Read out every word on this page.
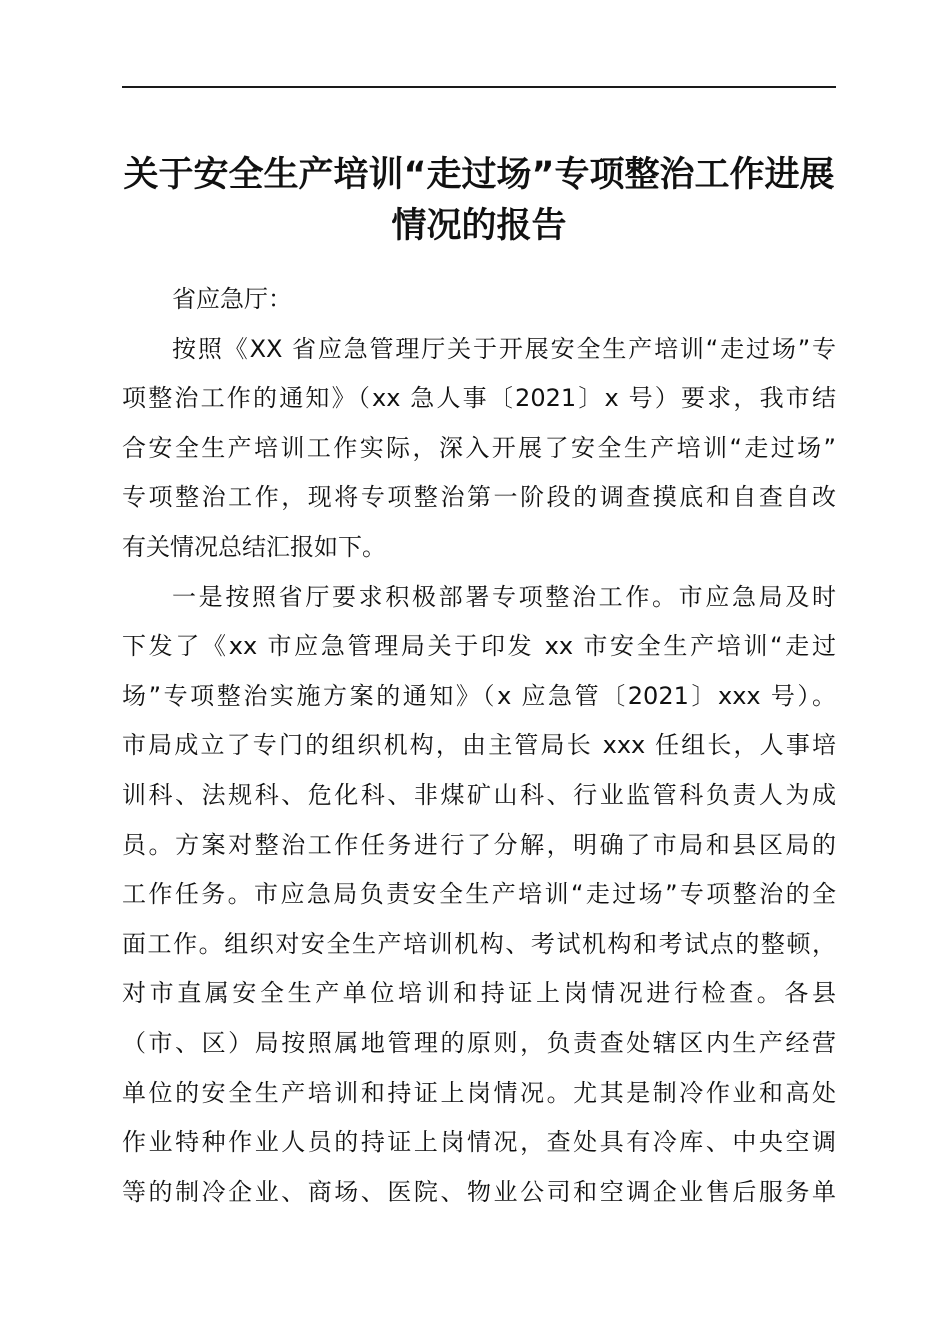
关于安全生产培训“走过场”专项整治工作进展
情况的报告
省应急厅：
按照《XX 省应急管理厅关于开展安全生产培训“走过场”专
项整治工作的通知》（xx 急人事〔2021〕x 号）要求，我市结
合安全生产培训工作实际，深入开展了安全生产培训“走过场”
专项整治工作，现将专项整治第一阶段的调查摸底和自查自改
有关情况总结汇报如下。
一是按照省厅要求积极部署专项整治工作。市应急局及时
下发了《xx 市应急管理局关于印发 xx 市安全生产培训“走过
场”专项整治实施方案的通知》（x 应急管〔2021〕xxx 号）。
市局成立了专门的组织机构，由主管局长 xxx 任组长，人事培
训科、法规科、危化科、非煤矿山科、行业监管科负责人为成
员。方案对整治工作任务进行了分解，明确了市局和县区局的
工作任务。市应急局负责安全生产培训“走过场”专项整治的全
面工作。组织对安全生产培训机构、考试机构和考试点的整顿，
对市直属安全生产单位培训和持证上岗情况进行检查。各县
（市、区）局按照属地管理的原则，负责查处辖区内生产经营
单位的安全生产培训和持证上岗情况。尤其是制冷作业和高处
作业特种作业人员的持证上岗情况，查处具有冷库、中央空调
等的制冷企业、商场、医院、物业公司和空调企业售后服务单
